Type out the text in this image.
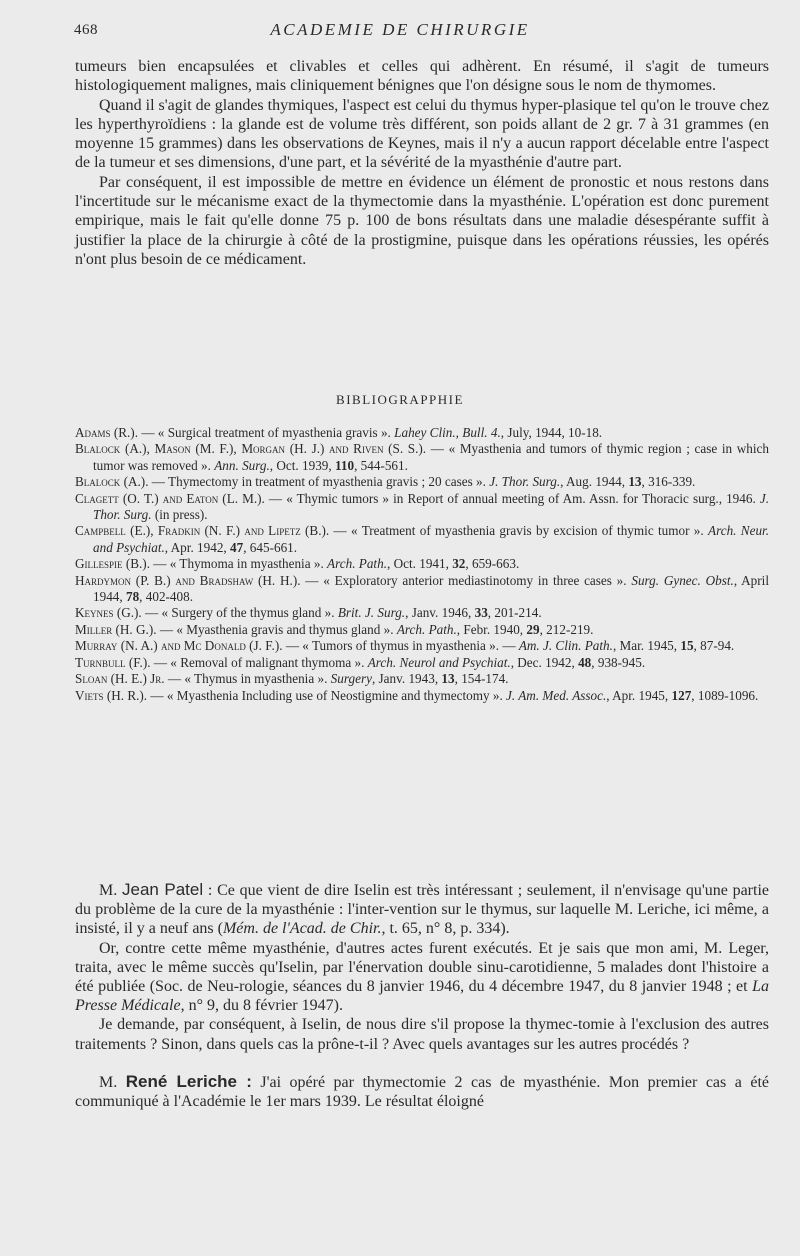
468	ACADEMIE DE CHIRURGIE

tumeurs bien encapsulées et clivables et celles qui adhèrent. En résumé, il s'agit de tumeurs histologiquement malignes, mais cliniquement bénignes que l'on désigne sous le nom de thymomes.

Quand il s'agit de glandes thymiques, l'aspect est celui du thymus hyper-plasique tel qu'on le trouve chez les hyperthyroïdiens : la glande est de volume très différent, son poids allant de 2 gr. 7 à 31 grammes (en moyenne 15 grammes) dans les observations de Keynes, mais il n'y a aucun rapport décelable entre l'aspect de la tumeur et ses dimensions, d'une part, et la sévérité de la myasthénie d'autre part.

Par conséquent, il est impossible de mettre en évidence un élément de pronostic et nous restons dans l'incertitude sur le mécanisme exact de la thymectomie dans la myasthénie. L'opération est donc purement empirique, mais le fait qu'elle donne 75 p. 100 de bons résultats dans une maladie désespérante suffit à justifier la place de la chirurgie à côté de la prostigmine, puisque dans les opérations réussies, les opérés n'ont plus besoin de ce médicament.

BIBLIOGRAPPHIE
Adams (R.). — « Surgical treatment of myasthenia gravis ». Lahey Clin., Bull. 4., July, 1944, 10-18.
Blalock (A.), Mason (M. F.), Morgan (H. J.) and Riven (S. S.). — « Myasthenia and tumors of thymic region ; case in which tumor was removed ». Ann. Surg., Oct. 1939, 110, 544-561.
Blalock (A.). — Thymectomy in treatment of myasthenia gravis ; 20 cases ». J. Thor. Surg., Aug. 1944, 13, 316-339.
Clagett (O. T.) and Eaton (L. M.). — « Thymic tumors » in Report of annual meeting of Am. Assn. for Thoracic surg., 1946. J. Thor. Surg. (in press).
Campbell (E.), Fradkin (N. F.) and Lipetz (B.). — « Treatment of myasthenia gravis by excision of thymic tumor ». Arch. Neur. and Psychiat., Apr. 1942, 47, 645-661.
Gillespie (B.). — « Thymoma in myasthenia ». Arch. Path., Oct. 1941, 32, 659-663.
Hardymon (P. B.) and Bradshaw (H. H.). — « Exploratory anterior mediastinotomy in three cases ». Surg. Gynec. Obst., April 1944, 78, 402-408.
Keynes (G.). — « Surgery of the thymus gland ». Brit. J. Surg., Janv. 1946, 33, 201-214.
Miller (H. G.). — « Myasthenia gravis and thymus gland ». Arch. Path., Febr. 1940, 29, 212-219.
Murray (N. A.) and Mc Donald (J. F.). — « Tumors of thymus in myasthenia ». — Am. J. Clin. Path., Mar. 1945, 15, 87-94.
Turnbull (F.). — « Removal of malignant thymoma ». Arch. Neurol and Psychiat., Dec. 1942, 48, 938-945.
Sloan (H. E.) Jr. — « Thymus in myasthenia ». Surgery, Janv. 1943, 13, 154-174.
Viets (H. R.). — « Myasthenia Including use of Neostigmine and thymectomy ». J. Am. Med. Assoc., Apr. 1945, 127, 1089-1096.

M. Jean Patel : Ce que vient de dire Iselin est très intéressant ; seulement, il n'envisage qu'une partie du problème de la cure de la myasthénie : l'inter-vention sur le thymus, sur laquelle M. Leriche, ici même, a insisté, il y a neuf ans (Mém. de l'Acad. de Chir., t. 65, n° 8, p. 334).

Or, contre cette même myasthénie, d'autres actes furent exécutés. Et je sais que mon ami, M. Leger, traita, avec le même succès qu'Iselin, par l'énervation double sinu-carotidienne, 5 malades dont l'histoire a été publiée (Soc. de Neu-rologie, séances du 8 janvier 1946, du 4 décembre 1947, du 8 janvier 1948 ; et La Presse Médicale, n° 9, du 8 février 1947).

Je demande, par conséquent, à Iselin, de nous dire s'il propose la thymec-tomie à l'exclusion des autres traitements ? Sinon, dans quels cas la prône-t-il ? Avec quels avantages sur les autres procédés ?

M. René Leriche : J'ai opéré par thymectomie 2 cas de myasthénie. Mon premier cas a été communiqué à l'Académie le 1er mars 1939. Le résultat éloigné
